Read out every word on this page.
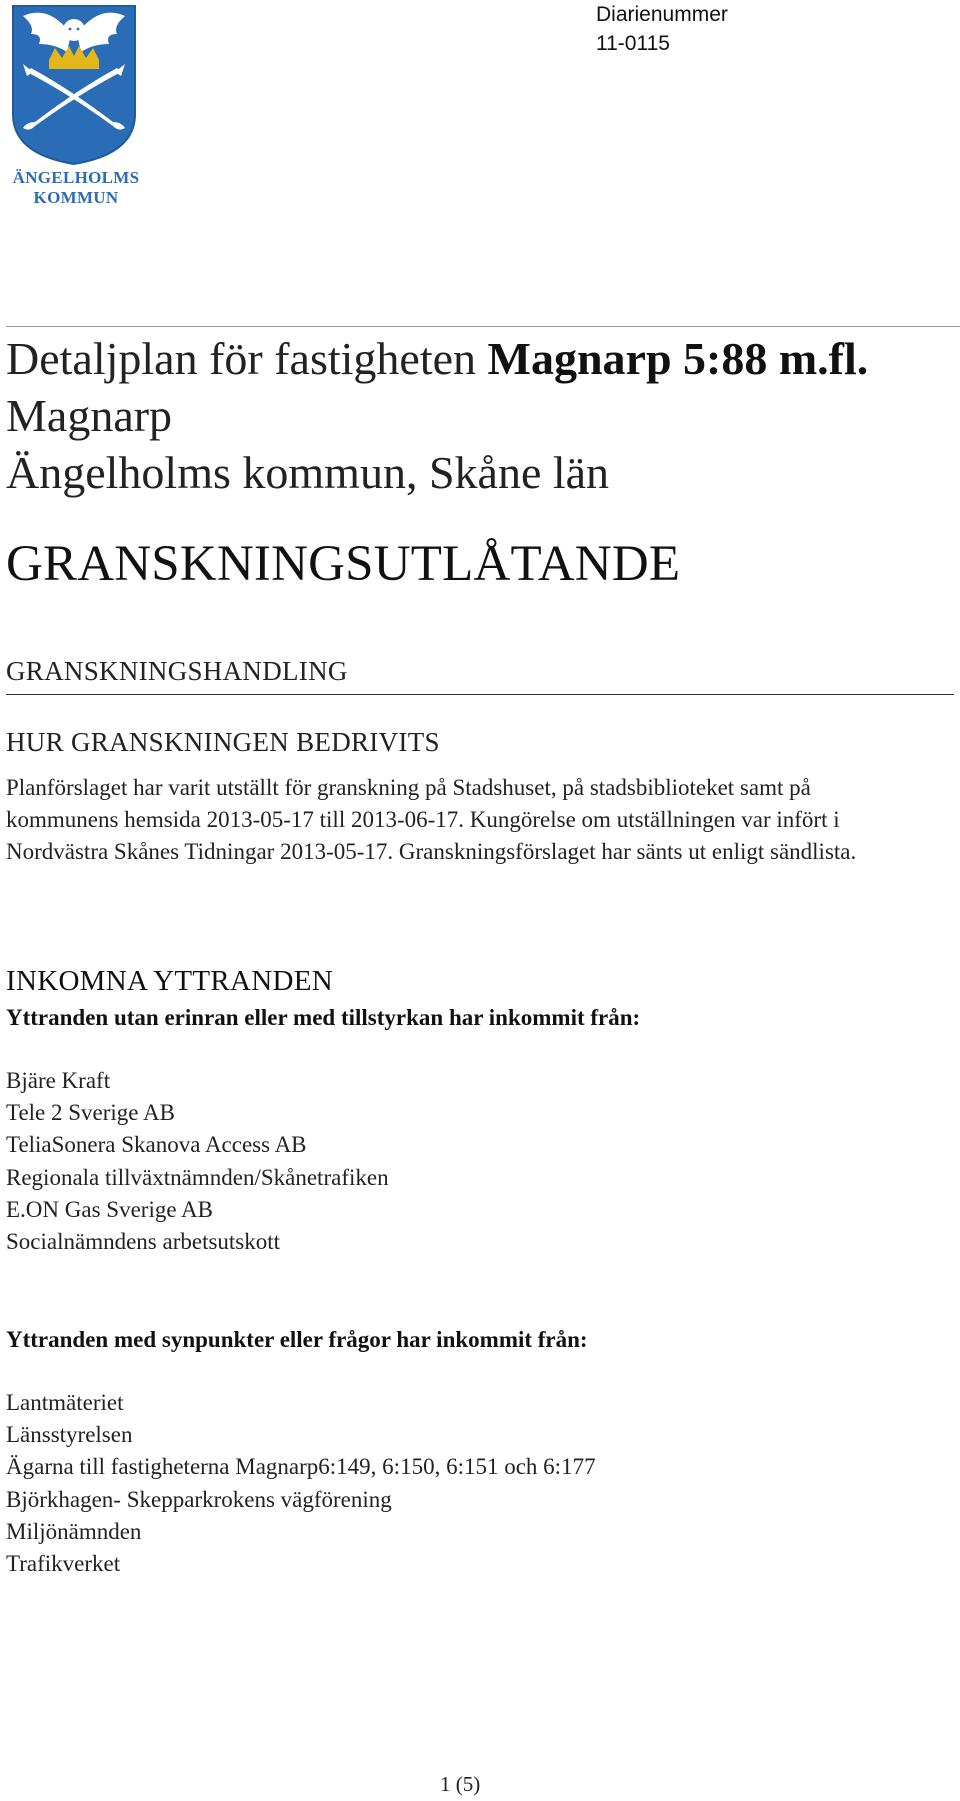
ÄNGELHOLMS
KOMMUN
Diarienummer
11-0115
Detaljplan för fastigheten Magnarp 5:88 m.fl. Magnarp
Ängelholms kommun, Skåne län
GRANSKNINGSUTLÅTANDE
GRANSKNINGSHANDLING
HUR GRANSKNINGEN BEDRIVITS
Planförslaget har varit utställt för granskning på Stadshuset, på stadsbiblioteket samt på kommunens hemsida 2013-05-17 till 2013-06-17. Kungörelse om utställningen var infört i Nordvästra Skånes Tidningar 2013-05-17. Granskningsförslaget har sänts ut enligt sändlista.
INKOMNA YTTRANDEN
Yttranden utan erinran eller med tillstyrkan har inkommit från:
Bjäre Kraft
Tele 2 Sverige AB
TeliaSonera Skanova Access AB
Regionala tillväxtnämnden/Skånetrafiken
E.ON Gas Sverige AB
Socialnämndens arbetsutskott
Yttranden med synpunkter eller frågor har inkommit från:
Lantmäteriet
Länsstyrelsen
Ägarna till fastigheterna Magnarp6:149, 6:150, 6:151 och 6:177
Björkhagen- Skepparkrokens vägförening
Miljönämnden
Trafikverket
1 (5)
